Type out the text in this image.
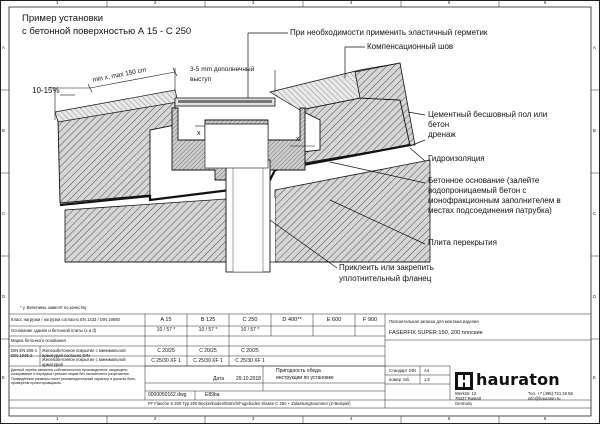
1	2	3	4	5	6
1	2	3	4	5	6
A
B
C
D
E
A
B
C
D
E
Пример установки
с бетонной поверхностью А 15 - С 250
10-15%
min x, max 150 cm	3-5 mm дополнечный
выступ
x
x
* у. Величины зависят по качеству
При необходимости применить эластичный герметик
Компенсационный шов
Цементный бесшовный пол или
бетон
дренаж
Гидроизоляция
Бетонное основание (залейте
водопроницаемый бетон с
монофракционным заполнителем в
местах подсоединения патрубка)
Плита перекрытия
Приклеить или закрепить
уплотнительный фланец
Класс нагрузки / нагрузки согласно EN 1433 / DIN 19580	A 15	B 125	C 250	D 400**	E 600	F 900
Основание здания и бетонной плиты (x и d)	10 / 57 *	10 / 57 *	10 / 57 *
Марка бетонного основания
DIN EN 206-1 DIN 1045-2
Железобетонное покрытие с минимальной арматурой согласно DIN
C 20/25	C 20/25	C 20/25
Железобетонное покрытие с минимальной арматурой
C 25/30 XF 1	C 25/30 XF 1	C 25/30 XF 1
Данный чертёж является собственностью производителя; запрещено копирование и передача третьим лицам без письменного разрешения. Приведённые размеры носят рекомендательный характер и должны быть проверены проектировщиком.
Дата 29.10.2018
Пригодность обеда
инструкции по установке
0000050162.dwg	E89ba
FF Flaeche S 200 Typ 200 Beckenboden/Estrich/Fugeboden Klasse C 250 + Zulassungsnummer (Z-Beispiel)
Пояснительная записка для монтажа изделия
FASERFIX SUPER 150, 200 плоские
Стандарт DIN A4
номер таб.	1:5	hauraton
Werkstr. 13
76437 Rastatt
Germany
Тел. +7 (495) 721 26 58
info@hauraton.ru
